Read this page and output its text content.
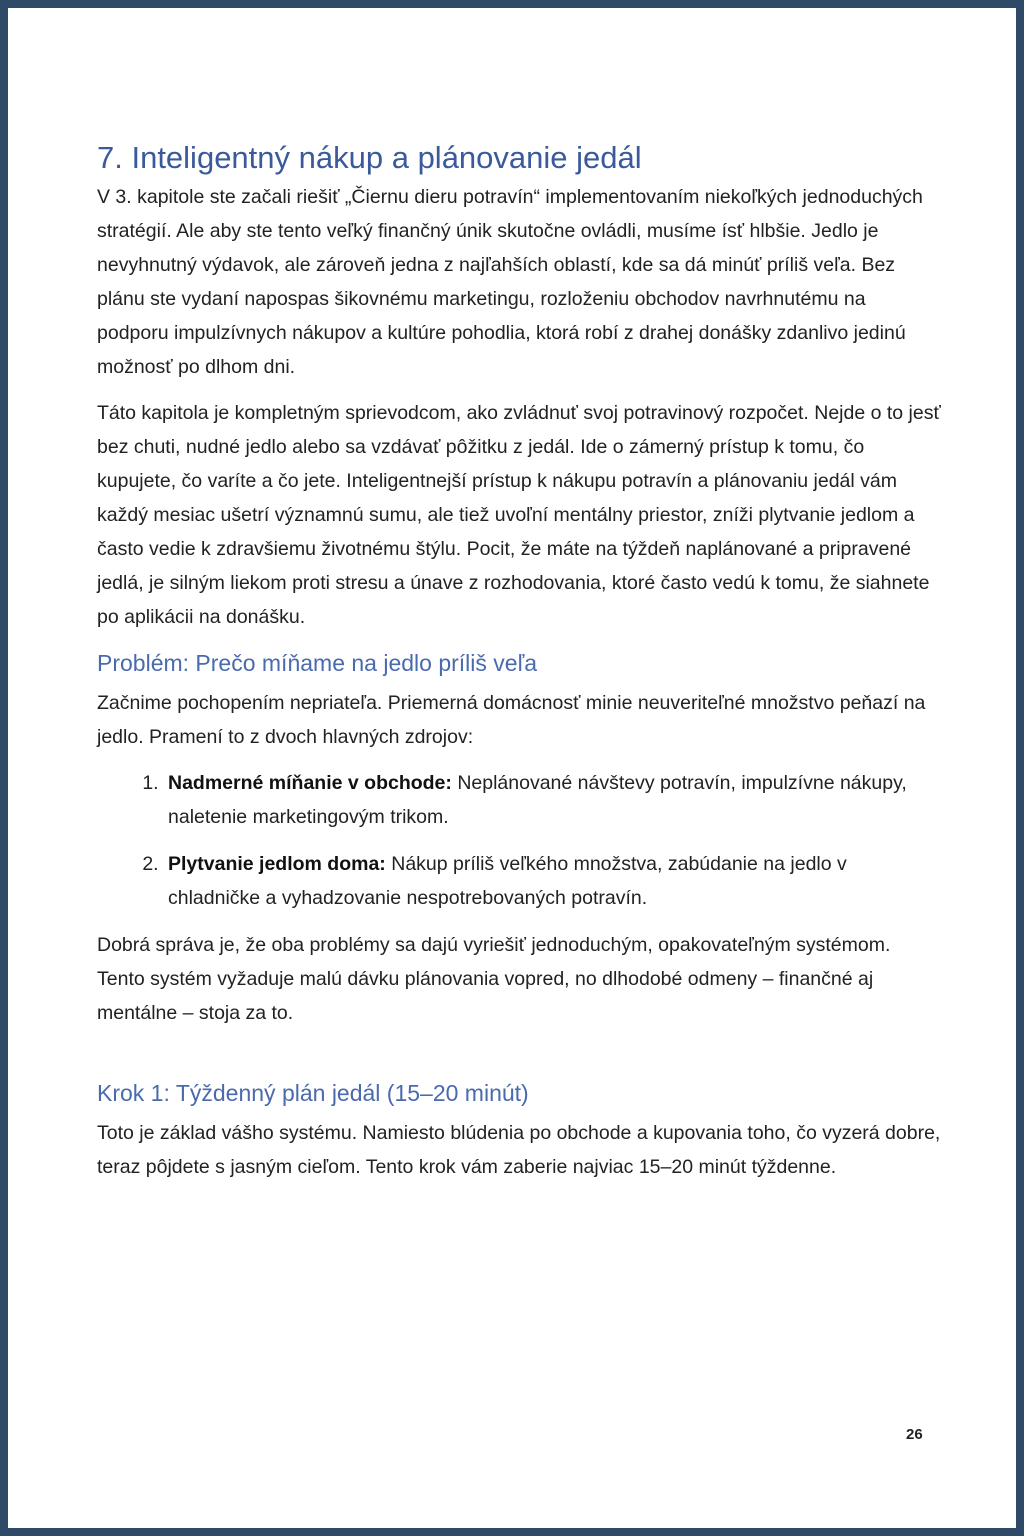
7. Inteligentný nákup a plánovanie jedál

V 3. kapitole ste začali riešiť „Čiernu dieru potravín“ implementovaním niekoľkých jednoduchých stratégií. Ale aby ste tento veľký finančný únik skutočne ovládli, musíme ísť hlbšie. Jedlo je nevyhnutný výdavok, ale zároveň jedna z najľahších oblastí, kde sa dá minúť príliš veľa. Bez plánu ste vydaní napospas šikovnému marketingu, rozloženiu obchodov navrhnutému na podporu impulzívnych nákupov a kultúre pohodlia, ktorá robí z drahej donášky zdanlivo jedinú možnosť po dlhom dni.

Táto kapitola je kompletným sprievodcom, ako zvládnuť svoj potravinový rozpočet. Nejde o to jesť bez chuti, nudné jedlo alebo sa vzdávať pôžitku z jedál. Ide o zámerný prístup k tomu, čo kupujete, čo varíte a čo jete. Inteligentnejší prístup k nákupu potravín a plánovaniu jedál vám každý mesiac ušetrí významnú sumu, ale tiež uvoľní mentálny priestor, zníži plytvanie jedlom a často vedie k zdravšiemu životnému štýlu. Pocit, že máte na týždeň naplánované a pripravené jedlá, je silným liekom proti stresu a únave z rozhodovania, ktoré často vedú k tomu, že siahnete po aplikácii na donášku.

Problém: Prečo míňame na jedlo príliš veľa

Začnime pochopením nepriateľa. Priemerná domácnosť minie neuveriteľné množstvo peňazí na jedlo. Pramení to z dvoch hlavných zdrojov:

1. Nadmerné míňanie v obchode: Neplánované návštevy potravín, impulzívne nákupy, naletenie marketingovým trikom.
2. Plytvanie jedlom doma: Nákup príliš veľkého množstva, zabúdanie na jedlo v chladničke a vyhadzovanie nespotrebovaných potravín.

Dobrá správa je, že oba problémy sa dajú vyriešiť jednoduchým, opakovateľným systémom. Tento systém vyžaduje malú dávku plánovania vopred, no dlhodobé odmeny – finančné aj mentálne – stoja za to.

Krok 1: Týždenný plán jedál (15–20 minút)

Toto je základ vášho systému. Namiesto blúdenia po obchode a kupovania toho, čo vyzerá dobre, teraz pôjdete s jasným cieľom. Tento krok vám zaberie najviac 15–20 minút týždenne.

26
